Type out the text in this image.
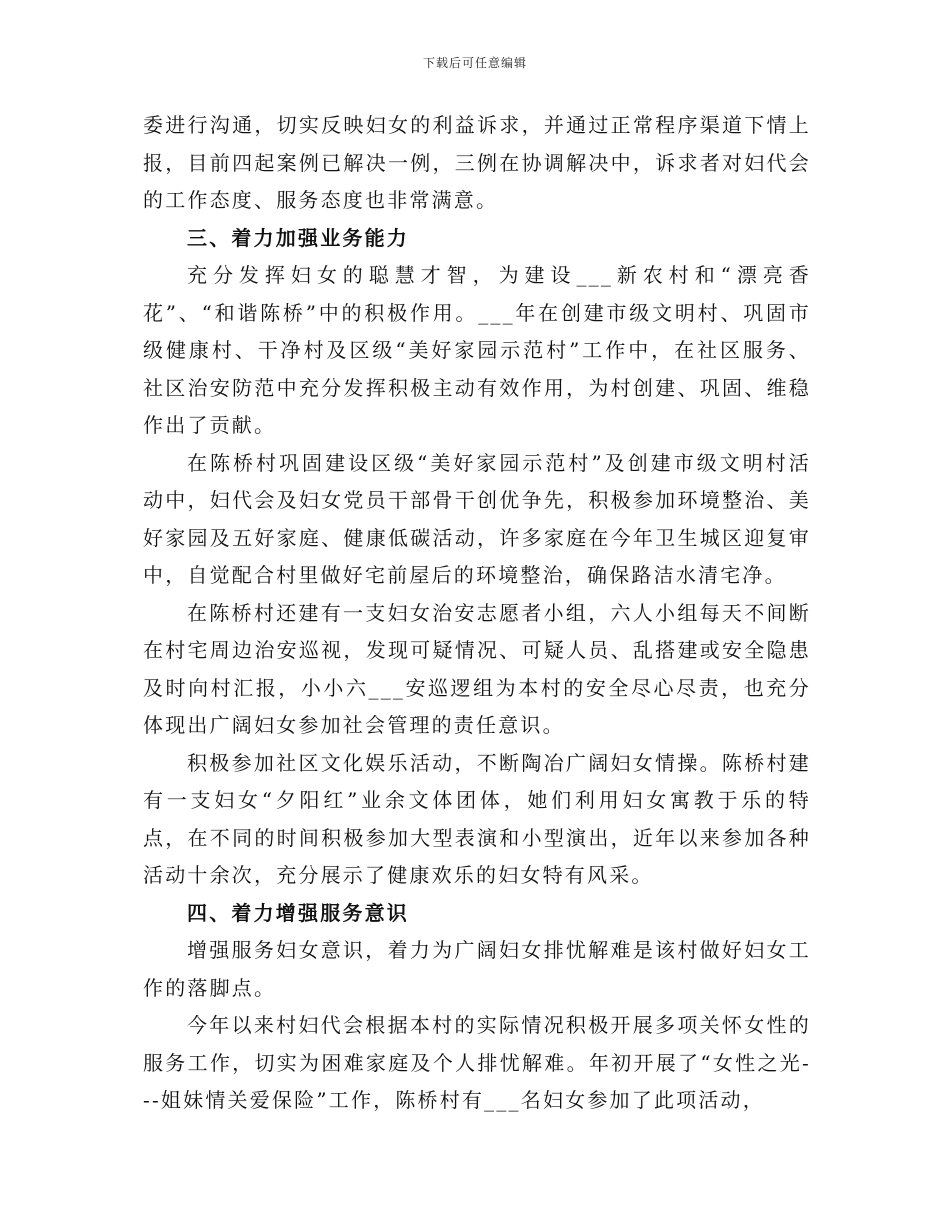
下载后可任意编辑

委进行沟通，切实反映妇女的利益诉求，并通过正常程序渠道下情上报，目前四起案例已解决一例，三例在协调解决中，诉求者对妇代会的工作态度、服务态度也非常满意。

三、着力加强业务能力

充分发挥妇女的聪慧才智，为建设___新农村和“漂亮香花”、“和谐陈桥”中的积极作用。___年在创建市级文明村、巩固市级健康村、干净村及区级“美好家园示范村”工作中，在社区服务、社区治安防范中充分发挥积极主动有效作用，为村创建、巩固、维稳作出了贡献。

在陈桥村巩固建设区级“美好家园示范村”及创建市级文明村活动中，妇代会及妇女党员干部骨干创优争先，积极参加环境整治、美好家园及五好家庭、健康低碳活动，许多家庭在今年卫生城区迎复审中，自觉配合村里做好宅前屋后的环境整治，确保路洁水清宅净。

在陈桥村还建有一支妇女治安志愿者小组，六人小组每天不间断在村宅周边治安巡视，发现可疑情况、可疑人员、乱搭建或安全隐患及时向村汇报，小小六___安巡逻组为本村的安全尽心尽责，也充分体现出广阔妇女参加社会管理的责任意识。

积极参加社区文化娱乐活动，不断陶冶广阔妇女情操。陈桥村建有一支妇女“夕阳红”业余文体团体，她们利用妇女寓教于乐的特点，在不同的时间积极参加大型表演和小型演出，近年以来参加各种活动十余次，充分展示了健康欢乐的妇女特有风采。

四、着力增强服务意识

增强服务妇女意识，着力为广阔妇女排忧解难是该村做好妇女工作的落脚点。

今年以来村妇代会根据本村的实际情况积极开展多项关怀女性的服务工作，切实为困难家庭及个人排忧解难。年初开展了“女性之光---姐妹情关爱保险”工作，陈桥村有___名妇女参加了此项活动，
